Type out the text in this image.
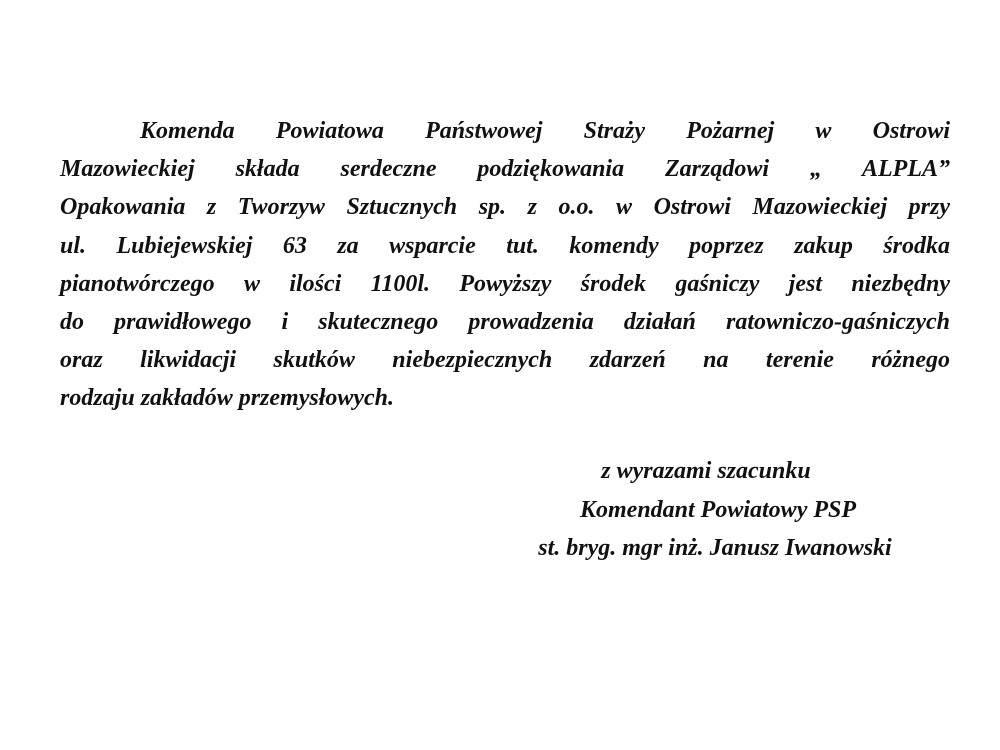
Komenda Powiatowa Państwowej Straży Pożarnej w Ostrowi
Mazowieckiej składa serdeczne podziękowania Zarządowi „ ALPLA”
Opakowania z Tworzyw Sztucznych sp. z o.o. w Ostrowi Mazowieckiej przy
ul. Lubiejewskiej 63 za wsparcie tut. komendy poprzez zakup środka
pianotwórczego w ilości 1100l. Powyższy środek gaśniczy jest niezbędny
do prawidłowego i skutecznego prowadzenia działań ratowniczo-gaśniczych
oraz likwidacji skutków niebezpiecznych zdarzeń na terenie różnego
rodzaju zakładów przemysłowych.

z wyrazami szacunku
Komendant Powiatowy PSP
st. bryg. mgr inż. Janusz Iwanowski
